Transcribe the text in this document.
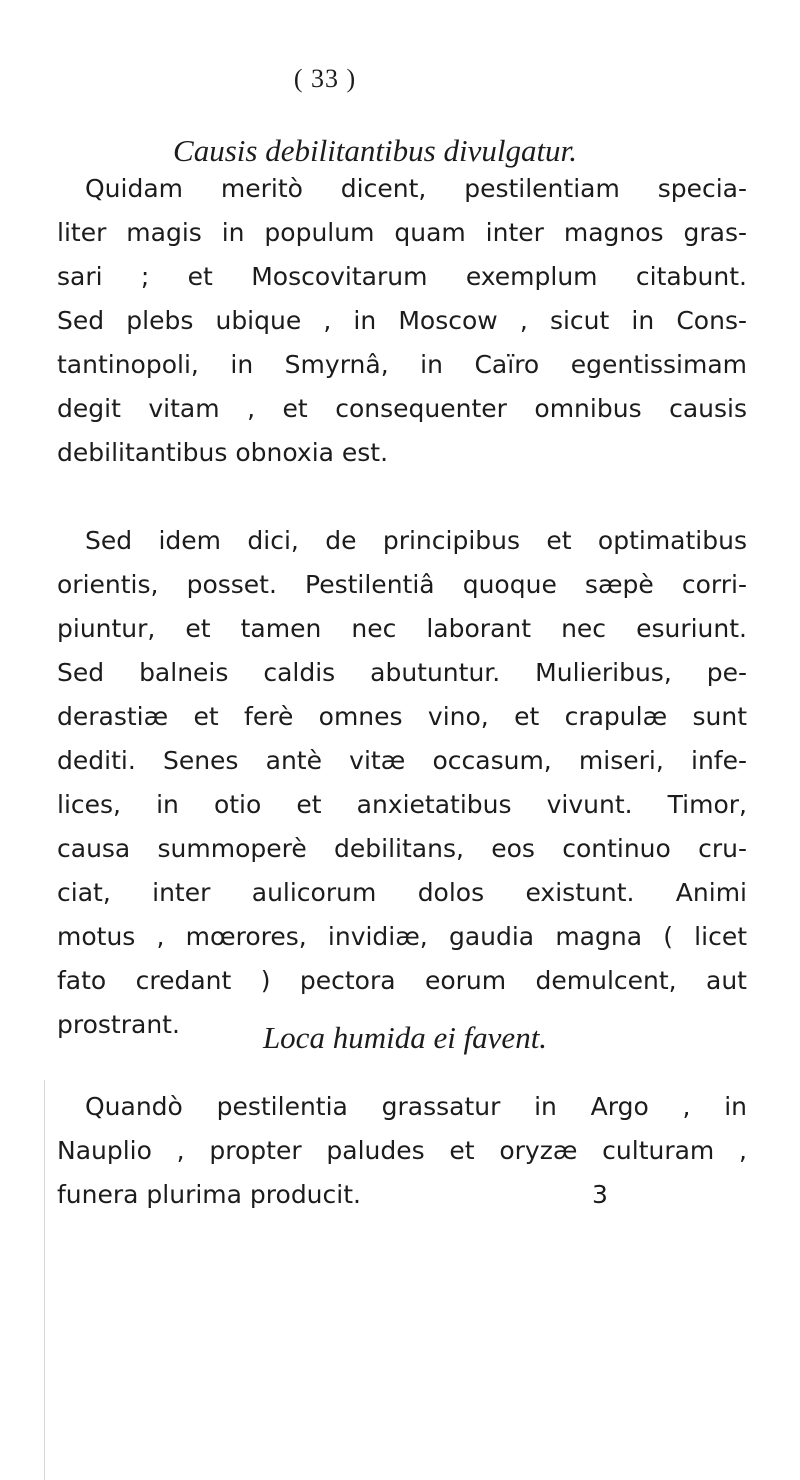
( 33 )
Causis debilitantibus divulgatur.
Quidam meritò dicent, pestilentiam specia-
liter magis in populum quam inter magnos gras-
sari ; et Moscovitarum exemplum citabunt.
Sed plebs ubique , in Moscow , sicut in Cons-
tantinopoli, in Smyrnâ, in Caïro egentissimam
degit vitam , et consequenter omnibus causis
debilitantibus obnoxia est.
Sed idem dici, de principibus et optimatibus
orientis, posset. Pestilentiâ quoque sæpè corri-
piuntur, et tamen nec laborant nec esuriunt.
Sed balneis caldis abutuntur. Mulieribus, pe-
derastiæ et ferè omnes vino, et crapulæ sunt
dediti. Senes antè vitæ occasum, miseri, infe-
lices, in otio et anxietatibus vivunt. Timor,
causa summoperè debilitans, eos continuo cru-
ciat, inter aulicorum dolos existunt. Animi
motus , mœrores, invidiæ, gaudia magna ( licet
fato credant ) pectora eorum demulcent, aut
prostrant.	Loca humida ei favent.
Quandò pestilentia grassatur in Argo , in
Nauplio , propter paludes et oryzæ culturam ,
funera plurima producit.	3
